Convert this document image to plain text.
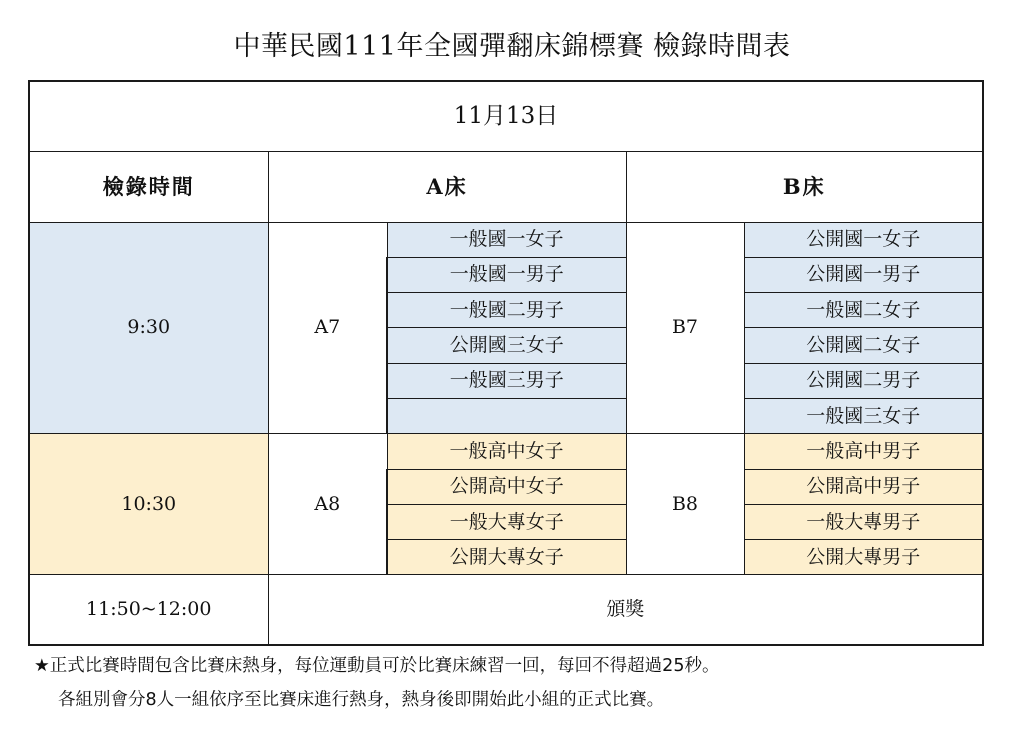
中華民國111年全國彈翻床錦標賽 檢錄時間表
11月13日				
檢錄時間	A床		B床	
9:30	A7	一般國一女子	B7	公開國一女子
		一般國一男子		公開國一男子
		一般國二男子		一般國二女子
		公開國三女子		公開國二女子
		一般國三男子		公開國二男子
				一般國三女子
10:30	A8	一般高中女子	B8	一般高中男子
		公開高中女子		公開高中男子
		一般大專女子		一般大專男子
		公開大專女子		公開大專男子
11:50~12:00	頒獎			
★正式比賽時間包含比賽床熱身，每位運動員可於比賽床練習一回，每回不得超過25秒。
各組別會分8人一組依序至比賽床進行熱身，熱身後即開始此小組的正式比賽。
